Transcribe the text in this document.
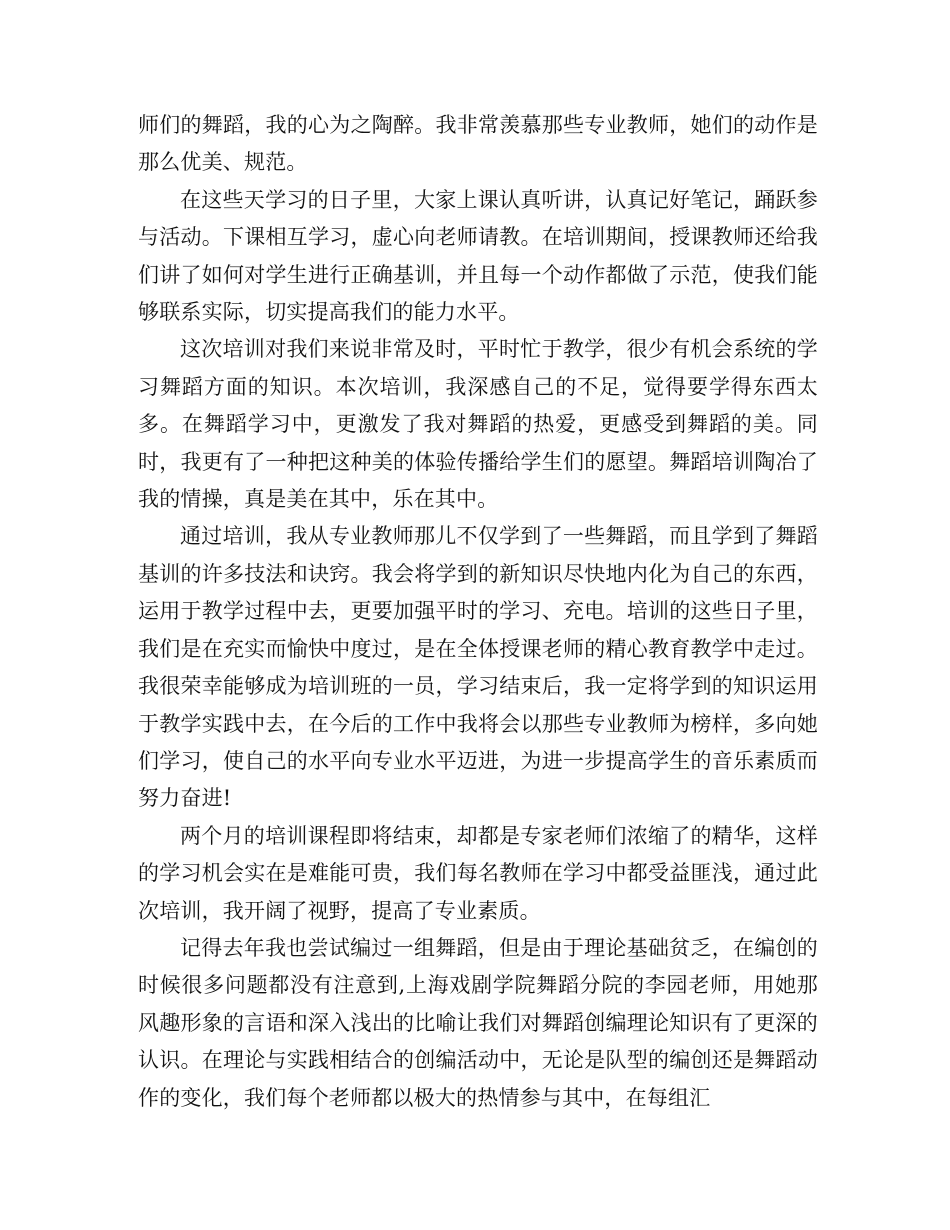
师们的舞蹈，我的心为之陶醉。我非常羡慕那些专业教师，她们的动作是那么优美、规范。

在这些天学习的日子里，大家上课认真听讲，认真记好笔记，踊跃参与活动。下课相互学习，虚心向老师请教。在培训期间，授课教师还给我们讲了如何对学生进行正确基训，并且每一个动作都做了示范，使我们能够联系实际，切实提高我们的能力水平。

这次培训对我们来说非常及时，平时忙于教学，很少有机会系统的学习舞蹈方面的知识。本次培训，我深感自己的不足，觉得要学得东西太多。在舞蹈学习中，更激发了我对舞蹈的热爱，更感受到舞蹈的美。同时，我更有了一种把这种美的体验传播给学生们的愿望。舞蹈培训陶冶了我的情操，真是美在其中，乐在其中。

通过培训，我从专业教师那儿不仅学到了一些舞蹈，而且学到了舞蹈基训的许多技法和诀窍。我会将学到的新知识尽快地内化为自己的东西，运用于教学过程中去，更要加强平时的学习、充电。培训的这些日子里，我们是在充实而愉快中度过，是在全体授课老师的精心教育教学中走过。我很荣幸能够成为培训班的一员，学习结束后，我一定将学到的知识运用于教学实践中去，在今后的工作中我将会以那些专业教师为榜样，多向她们学习，使自己的水平向专业水平迈进，为进一步提高学生的音乐素质而努力奋进!

两个月的培训课程即将结束，却都是专家老师们浓缩了的精华，这样的学习机会实在是难能可贵，我们每名教师在学习中都受益匪浅，通过此次培训，我开阔了视野，提高了专业素质。

记得去年我也尝试编过一组舞蹈，但是由于理论基础贫乏，在编创的时候很多问题都没有注意到,上海戏剧学院舞蹈分院的李园老师，用她那风趣形象的言语和深入浅出的比喻让我们对舞蹈创编理论知识有了更深的认识。在理论与实践相结合的创编活动中，无论是队型的编创还是舞蹈动作的变化，我们每个老师都以极大的热情参与其中，在每组汇
